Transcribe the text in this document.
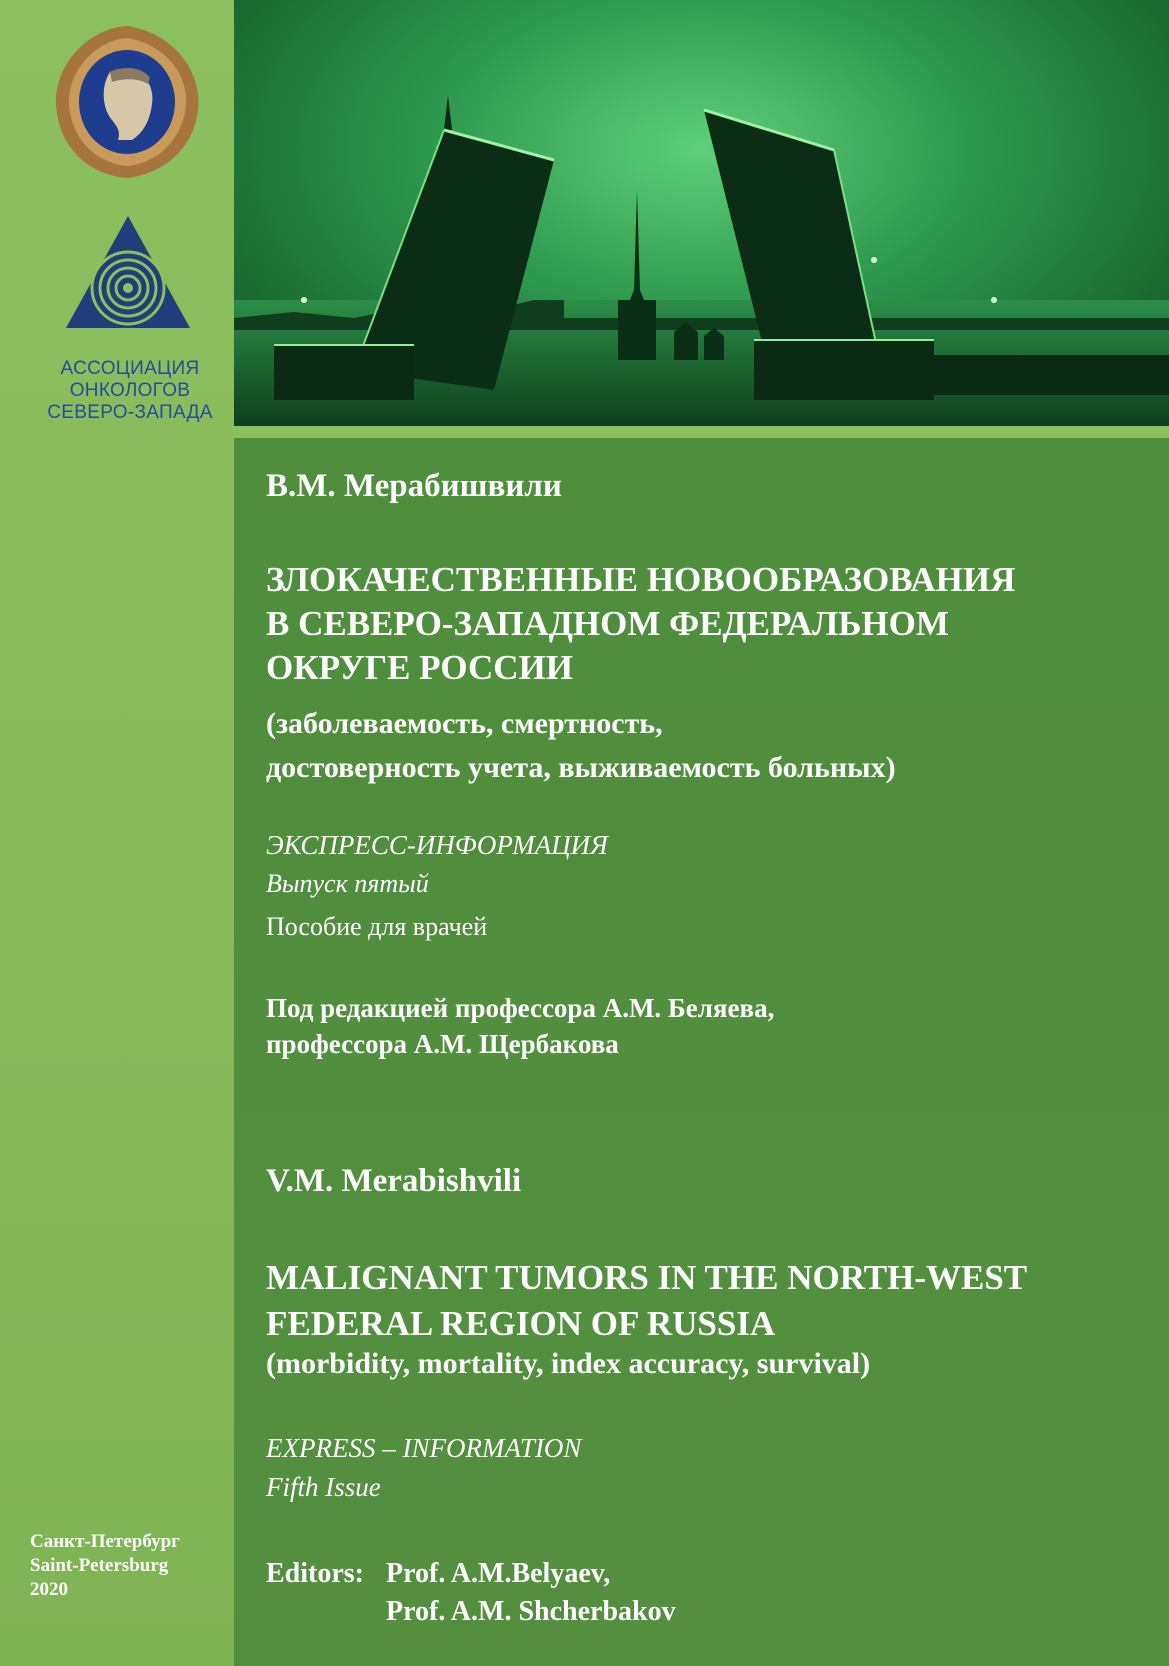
АССОЦИАЦИЯ
ОНКОЛОГОВ
СЕВЕРО-ЗАПАДА
Санкт-Петербург
Saint-Petersburg
2020
В.М. Мерабишвили
ЗЛОКАЧЕСТВЕННЫЕ НОВООБРАЗОВАНИЯ
В СЕВЕРО-ЗАПАДНОМ ФЕДЕРАЛЬНОМ
ОКРУГЕ РОССИИ
(заболеваемость, смертность,
достоверность учета, выживаемость больных)
ЭКСПРЕСС-ИНФОРМАЦИЯ
Выпуск пятый
Пособие для врачей
Под редакцией профессора А.М. Беляева,
профессора А.М. Щербакова
V.M. Merabishvili
MALIGNANT TUMORS IN THE NORTH-WEST
FEDERAL REGION OF RUSSIA
(morbidity, mortality, index accuracy, survival)
EXPRESS – INFORMATION
Fifth Issue
Editors: Prof. A.M.Belyaev,
Prof. A.M. Shcherbakov
